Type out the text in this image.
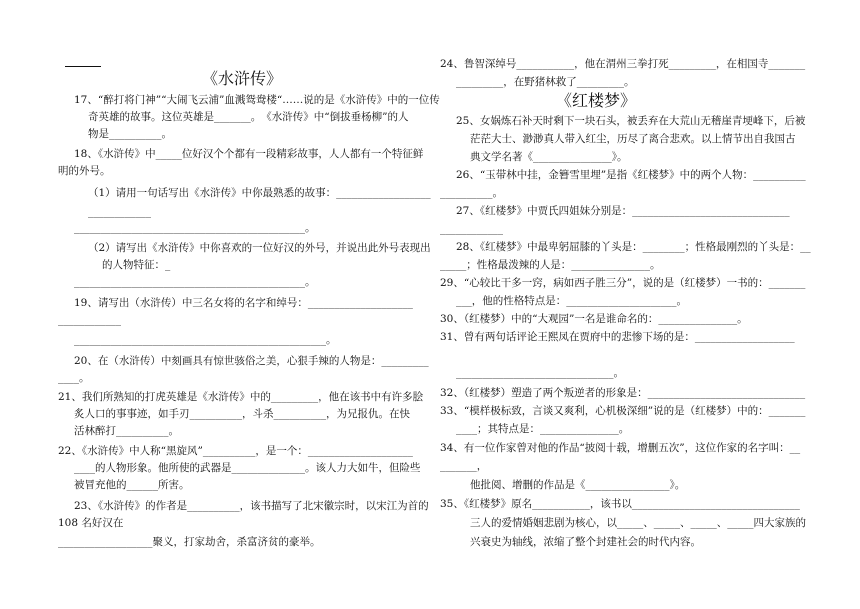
《水浒传》

17、“醉打将门神”“大闹飞云浦”血溅鸳鸯楼“……说的是《水浒传》中的一位传
奇英雄的故事。这位英雄是_______。　《水浒传》中“倒拔垂杨柳”的人
物是__________。
18、《水浒传》中_____位好汉个个都有一段精彩故事，人人都有一个特征鲜
明的外号。
（1）请用一句话写出《水浒传》中你最熟悉的故事：__________________
____________
____________________________________________。
（2）请写出《水浒传》中你喜欢的一位好汉的外号，并说出此外号表现出
的人物特征：_
____________________________________________。
19、请写出（水浒传）中三名女将的名字和绰号：____________________
____________
________________________________________________。
20、在（水浒传）中刻画具有惊世骇俗之美，心狠手辣的人物是：_________
____。
21、我们所熟知的打虎英雄是《水浒传》中的_________，他在该书中有许多脍
炙人口的事事迹，如手刃__________，斗杀__________，为兄报仇。在快
活林醉打__________。
22、《水浒传》中人称“黑旋风”__________，是一个：____________________
____的人物形象。他所使的武器是______________。该人力大如牛，但险些
被冒充他的______所害。
23、《水浒传》的作者是__________，该书描写了北宋徽宗时，以宋江为首的
108 名好汉在
__________________聚义，打家劫舍，杀富济贫的豪举。
24、鲁智深绰号___________，他在渭州三拳打死_________，在相国寺_______
_________，在野猪林救了_________。

《红楼梦》

25、女娲炼石补天时剩下一块石头，被丢弃在大荒山无稽崖青埂峰下，后被
茫茫大士、渺渺真人带入红尘，历尽了离合悲欢。以上情节出自我国古
典文学名著《_______________》。
26、“玉带林中挂，金簪雪里埋”是指《红楼梦》中的两个人物：__________
__________。
27、《红楼梦》中贾氏四姐妹分别是：______________________________
____________
28、《红楼梦》中最卑躬屈膝的丫头是：________；性格最刚烈的丫头是：__
_____；性格最泼辣的人是：_______________。
29、“心较比干多一窍，病如西子胜三分”，说的是（红楼梦）一书的：_______
___，他的性格特点是：_____________________。
30、（红楼梦）中的“大观园”一名是谁命名的：_______________。
31、曾有两句话评论王熙凤在贾府中的悲惨下场的是：___________________
______________________________。
32、（红楼梦）塑造了两个叛逆者的形象是：______________________________
33、“模样极标致，言谈又爽利，心机极深细”说的是（红楼梦）中的：_______
____；其特点是：_______________。
34、有一位作家曾对他的作品“披阅十载，增删五次”，这位作家的名字叫：__
_______，
他批阅、增删的作品是《________________》。
35、《红楼梦》原名___________，该书以________________________________
三人的爱情婚姻悲剧为核心，以_____、_____、_____、_____四大家族的
兴衰史为轴线，浓缩了整个封建社会的时代内容。
